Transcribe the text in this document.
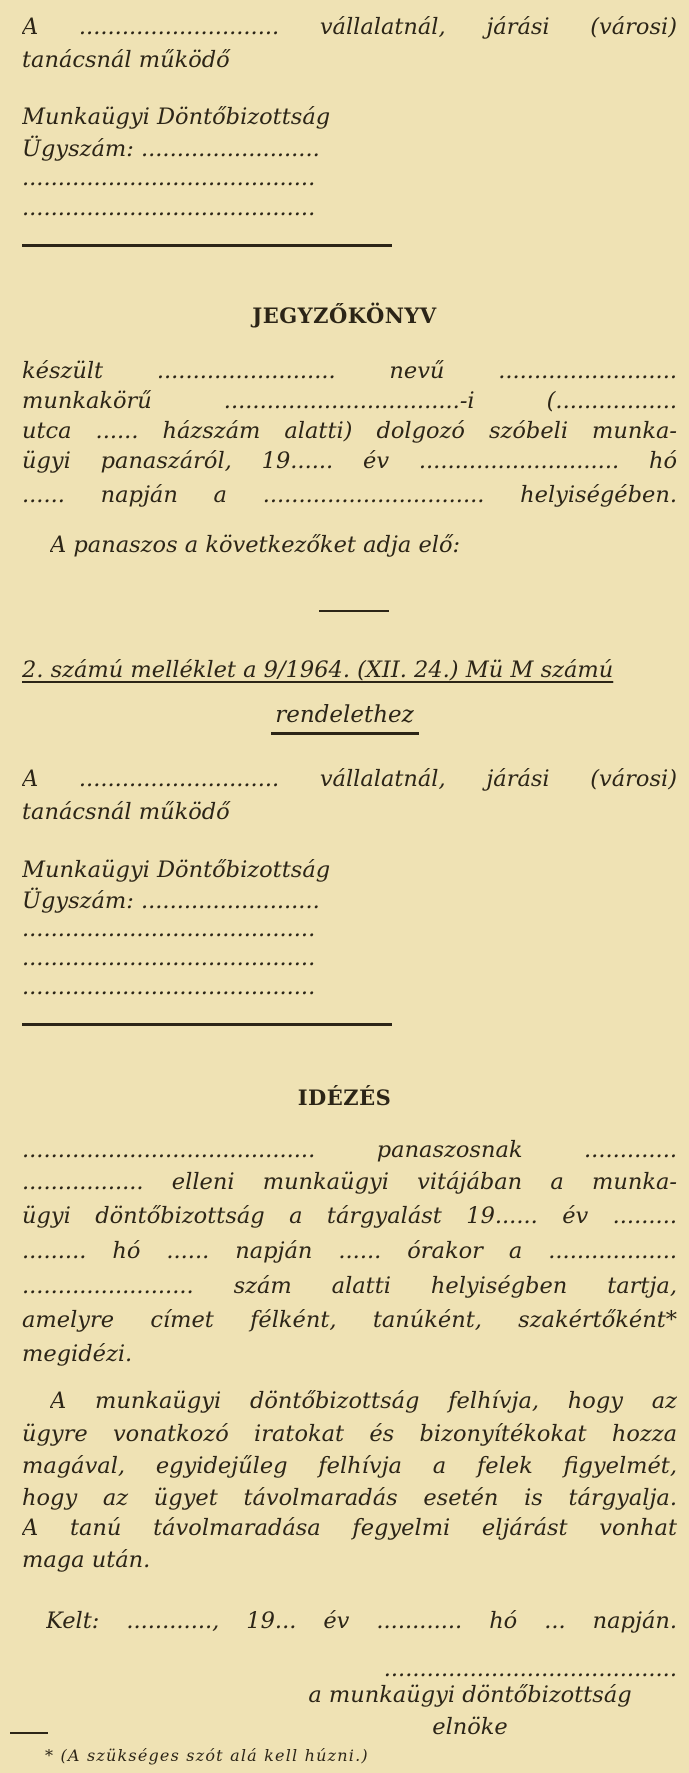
A ............................ vállalatnál, járási (városi)
tanácsnál működő
Munkaügyi Döntőbizottság
Ügyszám: .........................
.........................................
.........................................
JEGYZŐKÖNYV
készült ......................... nevű .........................
munkakörű .................................-i (.................
utca ...... házszám alatti) dolgozó szóbeli munka-
ügyi panaszáról, 19...... év ............................ hó
...... napján a ............................... helyiségében.
A panaszos a következőket adja elő:
2. számú melléklet a 9/1964. (XII. 24.) Mü M számú
rendelethez
A ............................ vállalatnál, járási (városi)
tanácsnál működő
Munkaügyi Döntőbizottság
Ügyszám: .........................
.........................................
.........................................
.........................................
IDÉZÉS
......................................... panaszosnak .............
................. elleni munkaügyi vitájában a munka-
ügyi döntőbizottság a tárgyalást 19...... év .........
......... hó ...... napján ...... órakor a ..................
........................ szám alatti helyiségben tartja,
amelyre címet félként, tanúként, szakértőként*
megidézi.
A munkaügyi döntőbizottság felhívja, hogy az
ügyre vonatkozó iratokat és bizonyítékokat hozza
magával, egyidejűleg felhívja a felek figyelmét,
hogy az ügyet távolmaradás esetén is tárgyalja.
A tanú távolmaradása fegyelmi eljárást vonhat
maga után.
Kelt: ............, 19... év ............ hó ... napján.
.........................................
a munkaügyi döntőbizottság
elnöke
* (A szükséges szót alá kell húzni.)
